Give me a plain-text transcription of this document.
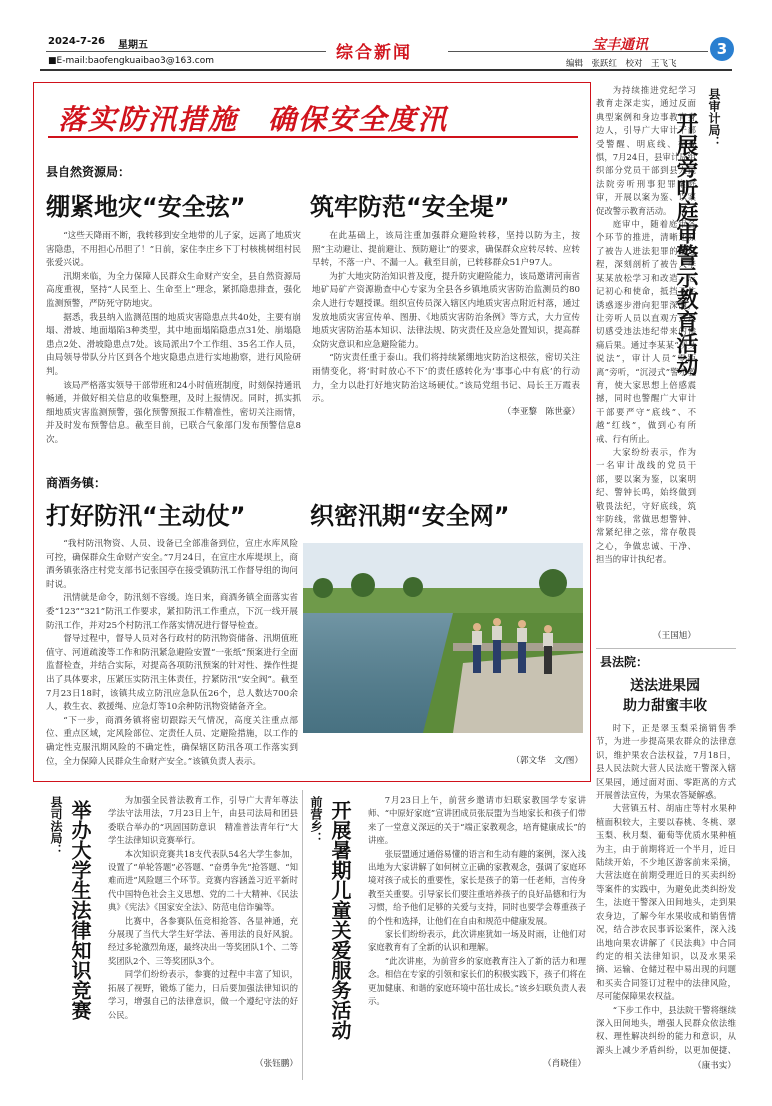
2024-7-26 星期五
■E-mail:baofengkuaibao3@163.com	综合新闻	宝丰通讯
编辑　张跃红　校对　王飞飞
3
落实防汛措施　确保安全度汛
县自然资源局：
绷紧地灾“安全弦”	筑牢防范“安全堤”

“这些天降雨不断，我转移到安全地带的儿子家，远离了地质灾害隐患，不用担心吊胆了！”日前，家住李庄乡下丁村核桃树组村民张爱兴说。

汛期来临，为全力保障人民群众生命财产安全，县自然资源局高度重视，坚持“人民至上、生命至上”理念，紧抓隐患排查，强化监测预警，严防死守防地灾。

据悉，我县纳入监测范围的地质灾害隐患点共40处，主要有崩塌、滑坡、地面塌陷3种类型，其中地面塌陷隐患点31处、崩塌隐患点2处、滑坡隐患点7处。该局派出7个工作组、35名工作人员，由局领导带队分片区到各个地灾隐患点进行实地勘察，进行风险研判。

该局严格落实领导干部带班和24小时值班制度，时刻保持通讯畅通，并做好相关信息的收集整理，及时上报情况。同时，抓实抓细地质灾害监测预警，强化预警预报工作精准性，密切关注雨情，并及时发布预警信息。截至目前，已联合气象部门发布预警信息8次。

在此基础上，该局注重加强群众避险转移，坚持以防为主，按照“主动避让、提前避让、预防避让”的要求，确保群众应转尽转、应转早转，不落一户、不漏一人。截至目前，已转移群众51户97人。

为扩大地灾防治知识普及度，提升防灾避险能力，该局邀请河南省地矿局矿产资源勘查中心专家为全县各乡镇地质灾害防治监测员约80余人进行专题授课。组织宣传员深入辖区内地质灾害点附近村落，通过发放地质灾害宣传单、图册、《地质灾害防治条例》等方式，大力宣传地质灾害防治基本知识、法律法规、防灾责任及应急处置知识，提高群众防灾意识和应急避险能力。

“防灾责任重于泰山。我们将持续紧绷地灾防治这根弦，密切关注雨情变化，将‘时时放心不下’的责任感转化为‘事事心中有底’的行动力，全力以赴打好地灾防治这场硬仗。”该局党组书记、局长王万霞表示。

（李亚黎　陈世豪）
商酒务镇：
打好防汛“主动仗”	织密汛期“安全网”

“我村防汛物资、人员、设备已全部准备到位，宣庄水库风险可控，确保群众生命财产安全。”7月24日，在宣庄水库堤坝上，商酒务镇张洛庄村党支部书记张国亭在接受镇防汛工作督导组的询问时说。

汛情就是命令，防汛刻不容缓。连日来，商酒务镇全面落实省委“123”“321”防汛工作要求，紧扣防汛工作重点，下沉一线开展防汛工作，并对25个村防汛工作落实情况进行督导检查。

督导过程中，督导人员对各行政村的防汛物资储备、汛期值班值守、河道疏浚等工作和防汛紧急避险安置“一张纸”预案进行全面监督检查，并结合实际，对提高各项防汛预案的针对性、操作性提出了具体要求，压紧压实防汛主体责任，拧紧防汛“安全阀”。截至7月23日18时，该镇共成立防汛应急队伍26个，总人数达700余人，救生衣、救援绳、应急灯等10余种防汛物资储备齐全。

“下一步，商酒务镇将密切跟踪天气情况，高度关注重点部位、重点区域，定风险部位、定责任人员、定避险措施，以工作的确定性克服汛期风险的不确定性，确保辖区防汛各项工作落实到位，全力保障人民群众生命财产安全。”该镇负责人表示。	（郭文华　文/图）

为持续推进党纪学习教育走深走实，通过反面典型案例和身边事教育身边人，引导广大审计干部受警醒、明底线、存戒惧，7月24日，县审计局组织部分党员干部到县人民法院旁听刑事犯罪案庭审，开展以案为鉴、以案促改警示教育活动。

庭审中，随着庭审各个环节的推进，清晰还原了被告人进法犯罪的全过程，深刻剖析了被告人李某某放松学习和改造、忘记初心和使命，抵挡不住诱惑逐步滑向犯罪深渊，让旁听人员以直观方式真切感受违法违纪带来的惨痛后果。通过李某某“现身说法”，审计人员“零距离”旁听，“沉浸式”警示教育，使大家思想上倍感震撼，同时也警醒广大审计干部要严守“底线”、不越“红线”，做到心有所戒、行有所止。

大家纷纷表示，作为一名审计战线的党员干部，要以案为鉴，以案明纪、警钟长鸣，始终做到敬畏法纪，守好底线，筑牢防线，常做思想警钟、常紧纪律之弦，常存敬畏之心，争做忠诚、干净、担当的审计执纪者。

（王国旭）
县审计局：
开展旁听庭审警示教育活动
县法院：
送法进果园
助力甜蜜丰收

时下，正是翠玉梨采摘销售季节，为进一步提高果农群众的法律意识，维护果农合法权益，7月18日，县人民法院大营人民法庭干警深入辖区果园，通过面对面、零距离的方式开展普法宣传，为果农答疑解惑。

大营镇五村、胡庙庄等村水果种植面积较大，主要以春桃、冬桃、翠玉梨、秋月梨、葡萄等优质水果种植为主，由于前期将近一个半月，近日陆续开始，不少地区游客前来采摘，大营法庭在前期受理近日的买卖纠纷等案件的实践中，为避免此类纠纷发生，法庭干警深入田间地头，走到果农身边，了解今年水果收成和销售情况，结合涉农民事诉讼案件，深入浅出地向果农讲解了《民法典》中合同约定的相关法律知识，以及水果采摘、运输、仓储过程中易出现的问题和买卖合同签订过程中的法律风险，尽可能保障果农权益。

“下步工作中，县法院干警将继续深入田间地头，增强人民群众依法维权、理性解决纠纷的能力和意识，从源头上减少矛盾纠纷，以更加便捷、

（康书实）
县司法局： 举办大学生法律知识竞赛	为加强全民普法教育工作，引导广大青年尊法学法守法用法，7月23日上午，由县司法局和团县委联合举办的“巩固国防意识　精准普法青年行”大学生法律知识竞赛举行。

本次知识竞赛共18支代表队54名大学生参加，设置了“单轮答题”必答题、“奋勇争先”抢答题、“知难而进”风险题三个环节。竞赛内容涵盖习近平新时代中国特色社会主义思想、党的二十大精神、《民法典》《宪法》《国家安全法》、防范电信诈骗等。

比赛中，各参赛队伍竞相抢答、各显神通，充分展现了当代大学生好学法、善用法的良好风貌。经过多轮激烈角逐，最终决出一等奖团队1个、二等奖团队2个、三等奖团队3个。

同学们纷纷表示，参赛的过程中丰富了知识，拓展了视野，锻炼了能力，日后要加强法律知识的学习，增强自己的法律意识，做一个遵纪守法的好公民。

（张钰鹏）
前营乡： 开展暑期儿童关爱服务活动	7月23日上午，前营乡邀请市妇联家教国学专家讲师、“中原好家庭”宣讲团成员张辰盟为当地家长和孩子们带来了一堂意义深远的关于“端正家教观念，培育健康成长”的讲座。

张辰盟通过通俗易懂的语言和生动有趣的案例，深入浅出地为大家讲解了如何树立正确的家教观念，强调了家庭环境对孩子成长的重要性，家长是孩子的第一任老师，言传身教至关重要。引导家长们要注重培养孩子的良好品德和行为习惯，给予他们足够的关爱与支持，同时也要学会尊重孩子的个性和选择，让他们在自由和规范中健康发展。

家长们纷纷表示，此次讲座犹如一场及时雨，让他们对家庭教育有了全新的认识和理解。

“此次讲座，为前营乡的家庭教育注入了新的活力和理念。相信在专家的引领和家长们的积极实践下，孩子们将在更加健康、和谐的家庭环境中茁壮成长。”该乡妇联负责人表示。

（肖晓佳）
